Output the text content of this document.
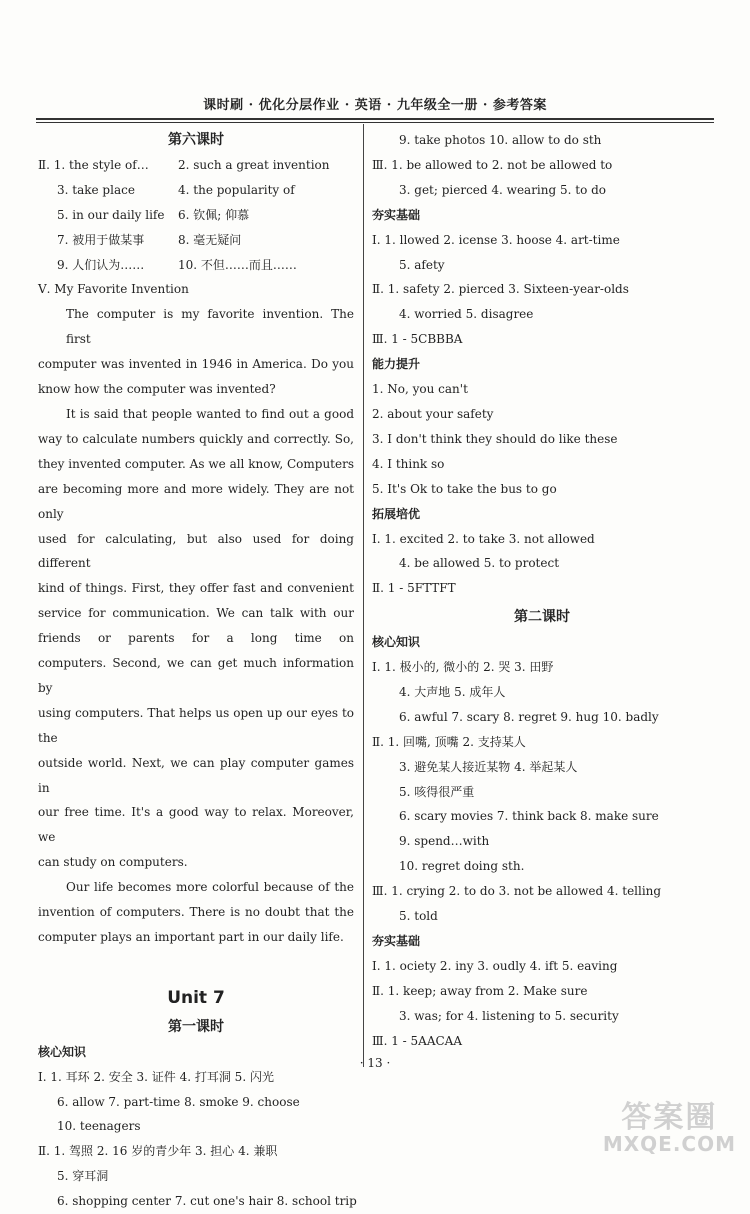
课时刷 · 优化分层作业 · 英语 · 九年级全一册 · 参考答案
第六课时
Ⅱ. 1. the style of…	2. such a great invention
3. take place	4. the popularity of
5. in our daily life	6. 钦佩; 仰慕
7. 被用于做某事	8. 毫无疑问
9. 人们认为……	10. 不但……而且……
Ⅴ. My Favorite Invention
The computer is my favorite invention. The first
computer was invented in 1946 in America. Do you
know how the computer was invented?
It is said that people wanted to find out a good
way to calculate numbers quickly and correctly. So,
they invented computer. As we all know, Computers
are becoming more and more widely. They are not only
used for calculating, but also used for doing different
kind of things. First, they offer fast and convenient
service for communication. We can talk with our
friends or parents for a long time on
computers. Second, we can get much information by
using computers. That helps us open up our eyes to the
outside world. Next, we can play computer games in
our free time. It's a good way to relax. Moreover, we
can study on computers.
Our life becomes more colorful because of the
invention of computers. There is no doubt that the
computer plays an important part in our daily life.
Unit 7
第一课时
核心知识
Ⅰ. 1. 耳环 2. 安全 3. 证件 4. 打耳洞 5. 闪光
6. allow 7. part-time 8. smoke 9. choose
10. teenagers
Ⅱ. 1. 驾照 2. 16 岁的青少年 3. 担心 4. 兼职
5. 穿耳洞
6. shopping center 7. cut one's hair 8. school trip
9. take photos 10. allow to do sth
Ⅲ. 1. be allowed to 2. not be allowed to
3. get; pierced 4. wearing 5. to do
夯实基础
Ⅰ. 1. llowed 2. icense 3. hoose 4. art-time
5. afety
Ⅱ. 1. safety 2. pierced 3. Sixteen-year-olds
4. worried 5. disagree
Ⅲ. 1 - 5CBBBA
能力提升
1. No, you can't
2. about your safety
3. I don't think they should do like these
4. I think so
5. It's Ok to take the bus to go
拓展培优
Ⅰ. 1. excited 2. to take 3. not allowed
4. be allowed 5. to protect
Ⅱ. 1 - 5FTTFT
第二课时
核心知识
Ⅰ. 1. 极小的, 微小的 2. 哭 3. 田野
4. 大声地 5. 成年人
6. awful 7. scary 8. regret 9. hug 10. badly
Ⅱ. 1. 回嘴, 顶嘴 2. 支持某人
3. 避免某人接近某物 4. 举起某人
5. 咳得很严重
6. scary movies 7. think back 8. make sure
9. spend…with
10. regret doing sth.
Ⅲ. 1. crying 2. to do 3. not be allowed 4. telling
5. told
夯实基础
Ⅰ. 1. ociety 2. iny 3. oudly 4. ift 5. eaving
Ⅱ. 1. keep; away from 2. Make sure
3. was; for 4. listening to 5. security
Ⅲ. 1 - 5AACAA
· 13 ·
答案圈
MXQE.COM
